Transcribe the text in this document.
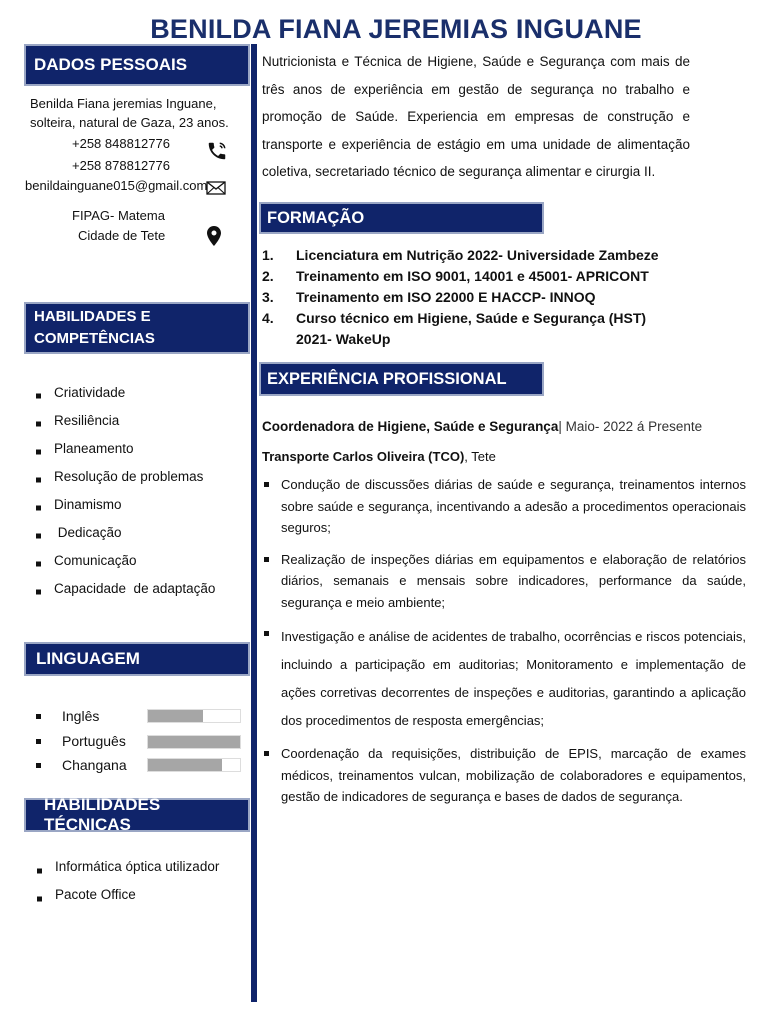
BENILDA FIANA JEREMIAS INGUANE
DADOS PESSOAIS
Benilda Fiana jeremias Inguane,
solteira, natural de Gaza, 23 anos.
+258 848812776
+258 878812776
benildainguane015@gmail.com
FIPAG- Matema
Cidade de Tete
HABILIDADES E
COMPETÊNCIAS
Criatividade
Resiliência
Planeamento
Resolução de problemas
Dinamismo
Dedicação
Comunicação
Capacidade  de adaptação
LINGUAGEM
Inglês
Português
Changana
HABILIDADES TÉCNICAS
Informática óptica utilizador
Pacote Office
Nutricionista e Técnica de Higiene, Saúde e Segurança com mais de três anos de experiência em gestão de segurança no trabalho e promoção de Saúde. Experiencia em empresas de construção e transporte e experiência de estágio em uma unidade de alimentação coletiva, secretariado técnico de segurança alimentar e cirurgia II.
FORMAÇÃO
1.	Licenciatura em Nutrição 2022- Universidade Zambeze
2.	Treinamento em ISO 9001, 14001 e 45001- APRICONT
3.	Treinamento em ISO 22000 E HACCP- INNOQ
4.	Curso técnico em Higiene, Saúde e Segurança (HST) 2021- WakeUp
EXPERIÊNCIA PROFISSIONAL
Coordenadora de Higiene, Saúde e Segurança| Maio- 2022 á Presente
Transporte Carlos Oliveira (TCO), Tete
Condução de discussões diárias de saúde e segurança, treinamentos internos sobre saúde e segurança, incentivando a adesão a procedimentos operacionais seguros;
Realização de inspeções diárias em equipamentos e elaboração de relatórios diários, semanais e mensais sobre indicadores, performance da saúde, segurança e meio ambiente;
Investigação e análise de acidentes de trabalho, ocorrências e riscos potenciais, incluindo a participação em auditorias; Monitoramento e implementação de ações corretivas decorrentes de inspeções e auditorias, garantindo a aplicação dos procedimentos de resposta emergências;
Coordenação da requisições, distribuição de EPIS, marcação de exames médicos, treinamentos vulcan, mobilização de colaboradores e equipamentos, gestão de indicadores de segurança e bases de dados de segurança.
